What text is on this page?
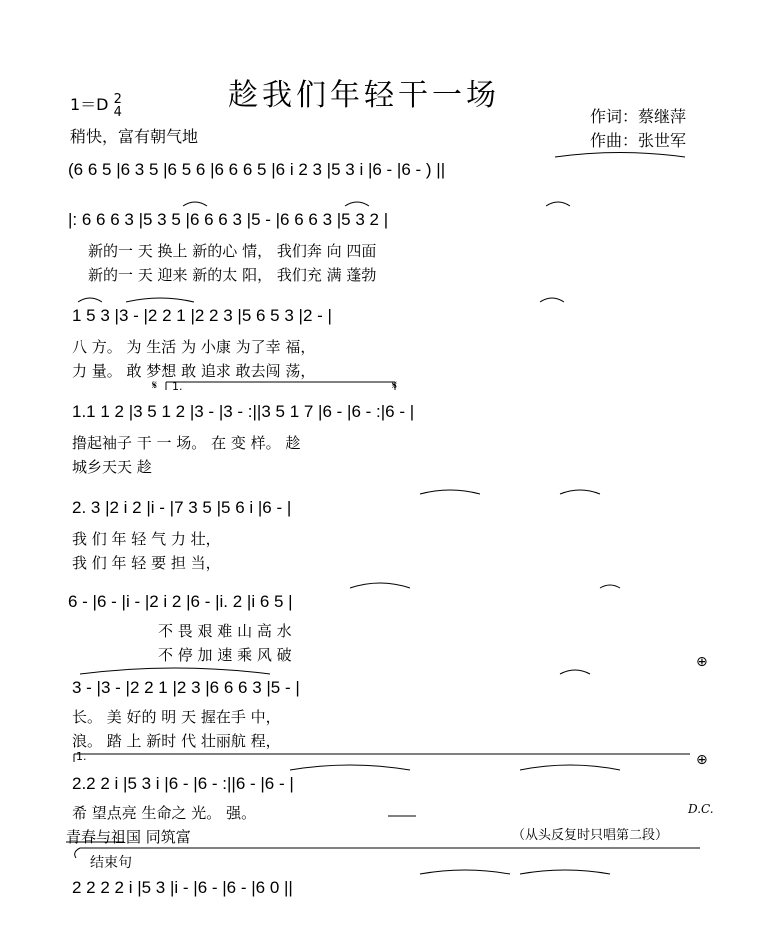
趁我们年轻干一场
1＝D 2
4
稍快，富有朝气地
作词：蔡继萍
作曲：张世军
(6 6 5 |6 3 5 |6 5 6 |6 6 6 5 |6 i 2 3 |5 3 i |6 - |6 - ) ||
|: 6 6 6 3 |5 3 5 |6 6 6 3 |5 - |6 6 6 3 |5 3 2 |
新的一 天 换上 新的心 情， 我们奔 向 四面
新的一 天 迎来 新的太 阳， 我们充 满 蓬勃
1 5 3 |3 - |2 2 1 |2 2 3 |5 6 5 3 |2 - |
八 方。 为 生活 为 小康 为了幸 福，
力 量。 敢 梦想 敢 追求 敢去闯 荡，
𝄋	𝄋
1.
1.1 1 2 |3 5 1 2 |3 - |3 - :||3 5 1 7 |6 - |6 - :|6 - |
撸起袖子 干 一 场。 在 变 样。 趁
城乡天天 趁
2. 3 |2 i 2 |i - |7 3 5 |5 6 i |6 - |
我 们 年 轻 气 力 壮，
我 们 年 轻 要 担 当，
6 - |6 - |i - |2 i 2 |6 - |i. 2 |i 6 5 |
不 畏 艰 难 山 高 水
不 停 加 速 乘 风 破	⊕
3 - |3 - |2 2 1 |2 3 |6 6 6 3 |5 - |
长。 美 好的 明 天 握在手 中，
浪。 踏 上 新时 代 壮丽航 程，
⊕
1.
2.2 2 i |5 3 i |6 - |6 - :||6 - |6 - |
希 望点亮 生命之 光。 强。
青春与祖国 同筑富
D.C.
（从头反复时只唱第二段）
结束句
2 2 2 2 i |5 3 |i - |6 - |6 - |6 0 ||
